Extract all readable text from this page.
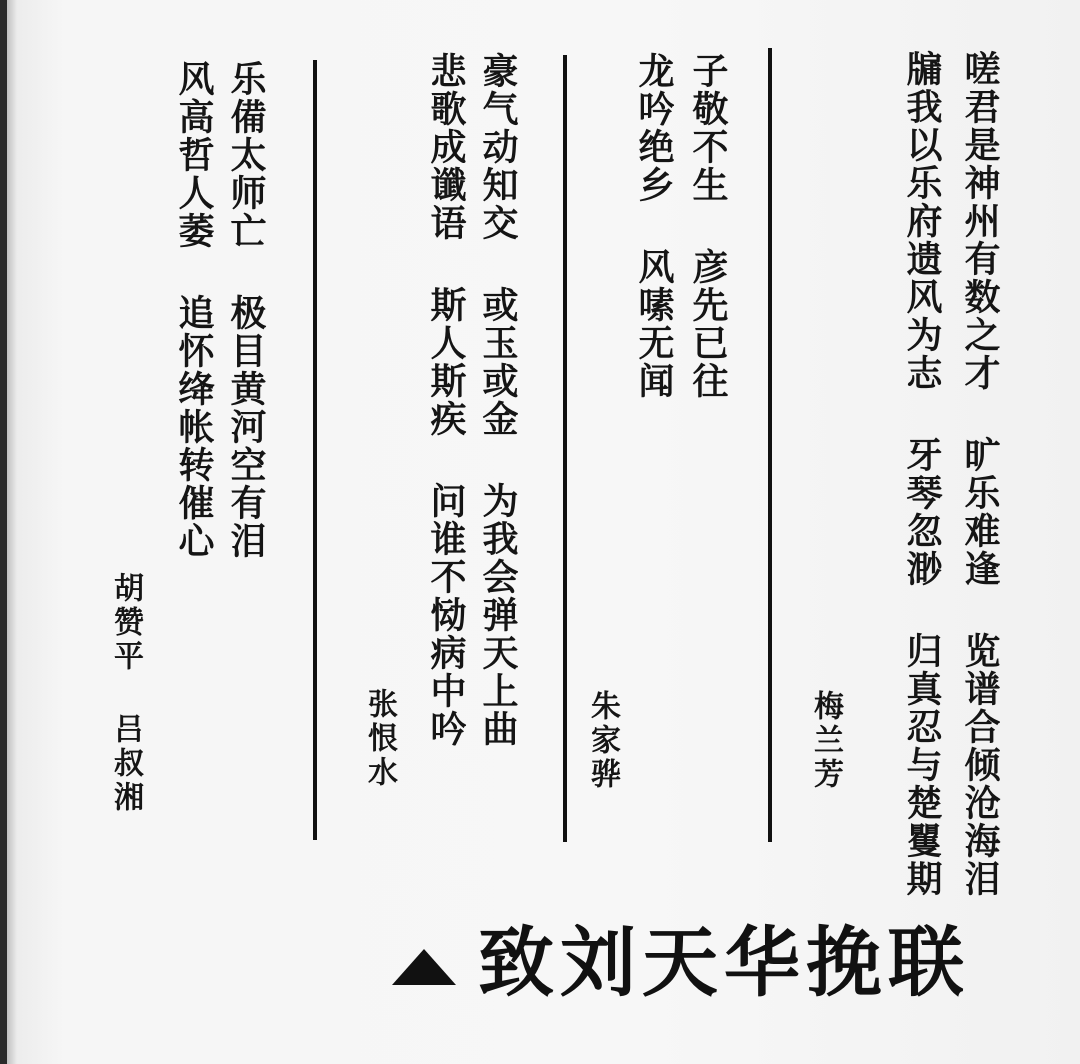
嗟君是神州有数之才 旷乐难逢 览谱合倾沧海泪
牖我以乐府遗风为志 牙琴忽渺 归真忍与楚矍期
梅兰芳
子敬不生 彦先已往
龙吟绝乡 风嗉无闻
朱家骅
豪气动知交 或玉或金 为我会弹天上曲
悲歌成谶语 斯人斯疾 问谁不恸病中吟
张恨水
乐備太师亡 极目黄河空有泪
风高哲人萎 追怀绛帐转催心
胡赞平 吕叔湘
致刘天华挽联
